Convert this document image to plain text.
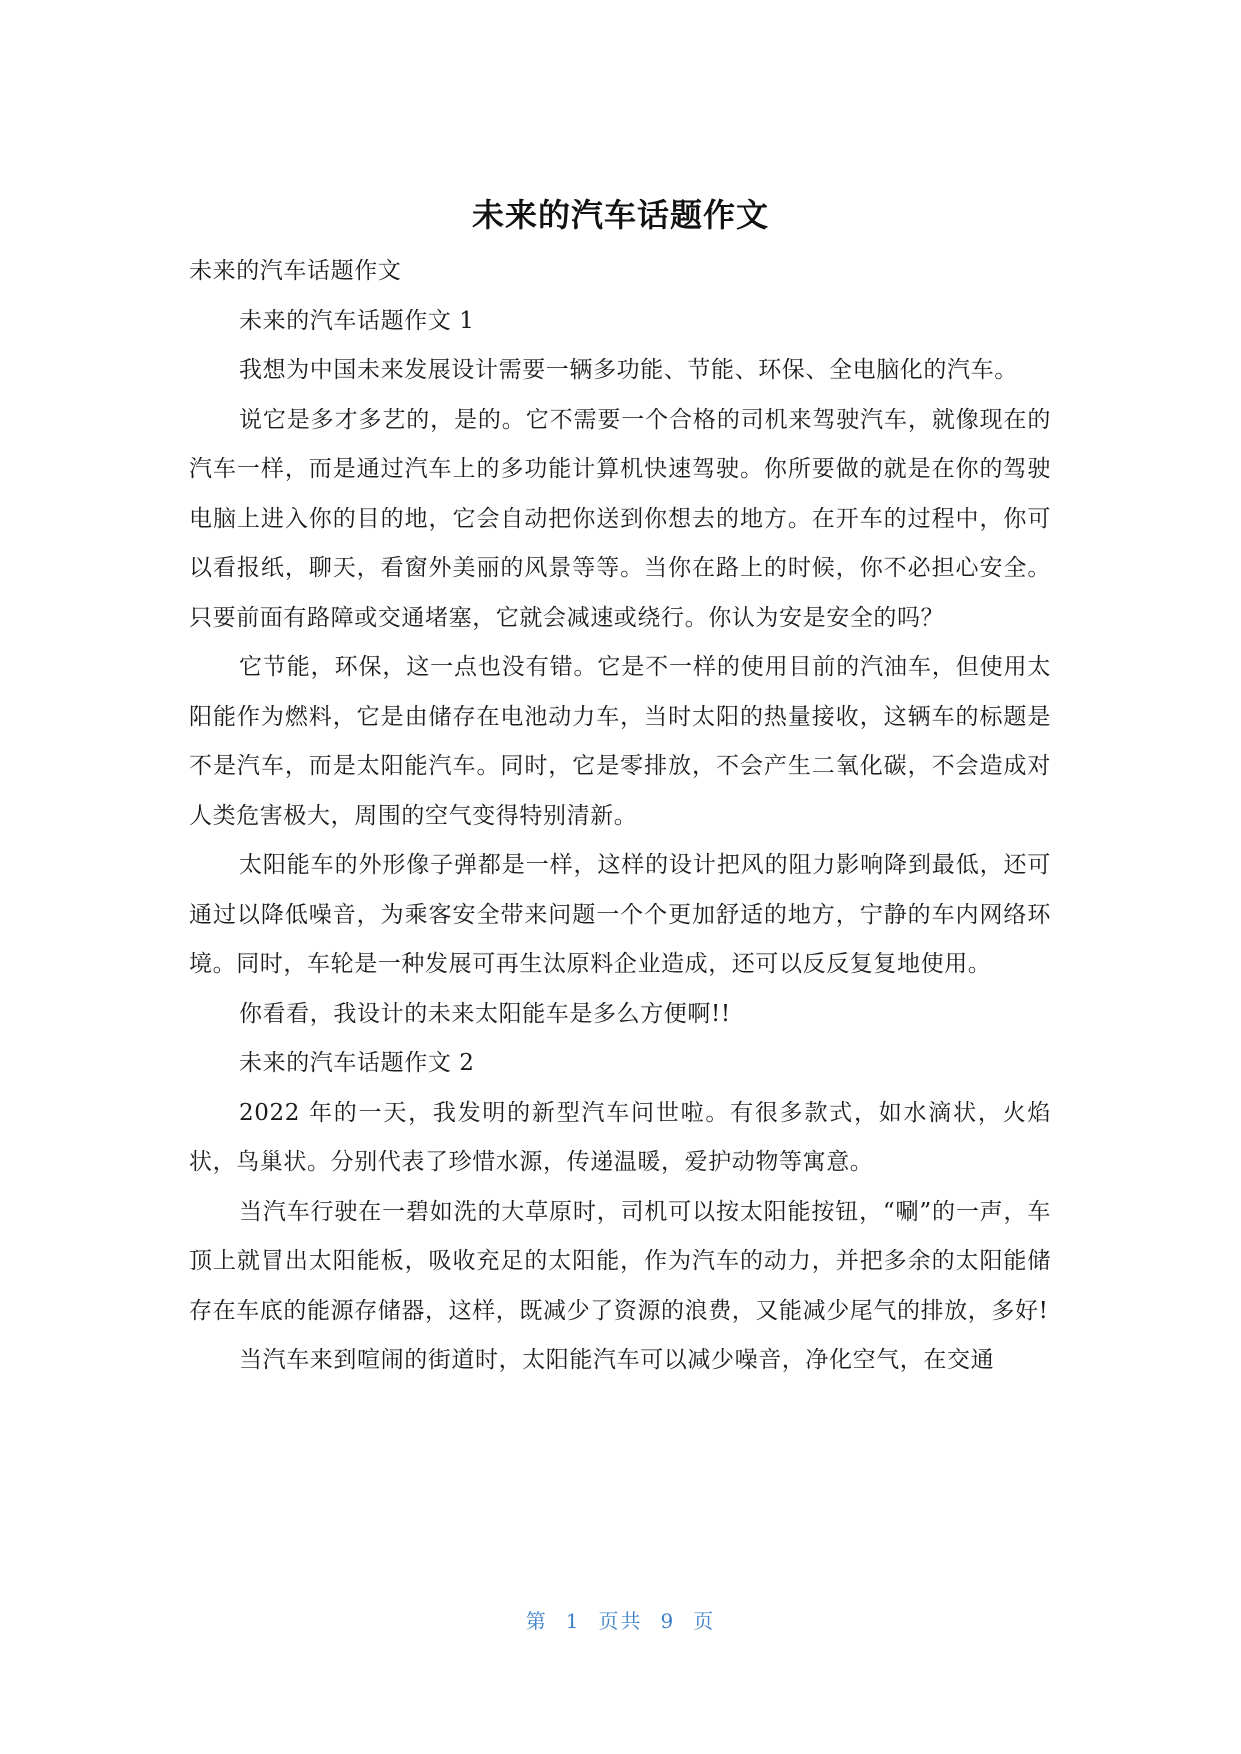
未来的汽车话题作文

未来的汽车话题作文

未来的汽车话题作文 1

我想为中国未来发展设计需要一辆多功能、节能、环保、全电脑化的汽车。

说它是多才多艺的，是的。它不需要一个合格的司机来驾驶汽车，就像现在的汽车一样，而是通过汽车上的多功能计算机快速驾驶。你所要做的就是在你的驾驶电脑上进入你的目的地，它会自动把你送到你想去的地方。在开车的过程中，你可以看报纸，聊天，看窗外美丽的风景等等。当你在路上的时候，你不必担心安全。只要前面有路障或交通堵塞，它就会减速或绕行。你认为安是安全的吗？

它节能，环保，这一点也没有错。它是不一样的使用目前的汽油车，但使用太阳能作为燃料，它是由储存在电池动力车，当时太阳的热量接收，这辆车的标题是不是汽车，而是太阳能汽车。同时，它是零排放，不会产生二氧化碳，不会造成对人类危害极大，周围的空气变得特别清新。

太阳能车的外形像子弹都是一样，这样的设计把风的阻力影响降到最低，还可通过以降低噪音，为乘客安全带来问题一个个更加舒适的地方，宁静的车内网络环境。同时，车轮是一种发展可再生汰原料企业造成，还可以反反复复地使用。

你看看，我设计的未来太阳能车是多么方便啊!!

未来的汽车话题作文 2

2022 年的一天，我发明的新型汽车问世啦。有很多款式，如水滴状，火焰状，鸟巢状。分别代表了珍惜水源，传递温暖，爱护动物等寓意。

当汽车行驶在一碧如洗的大草原时，司机可以按太阳能按钮，“唰”的一声，车顶上就冒出太阳能板，吸收充足的太阳能，作为汽车的动力，并把多余的太阳能储存在车底的能源存储器，这样，既减少了资源的浪费，又能减少尾气的排放，多好!

当汽车来到喧闹的街道时，太阳能汽车可以减少噪音，净化空气，在交通

第 1 页共 9 页
